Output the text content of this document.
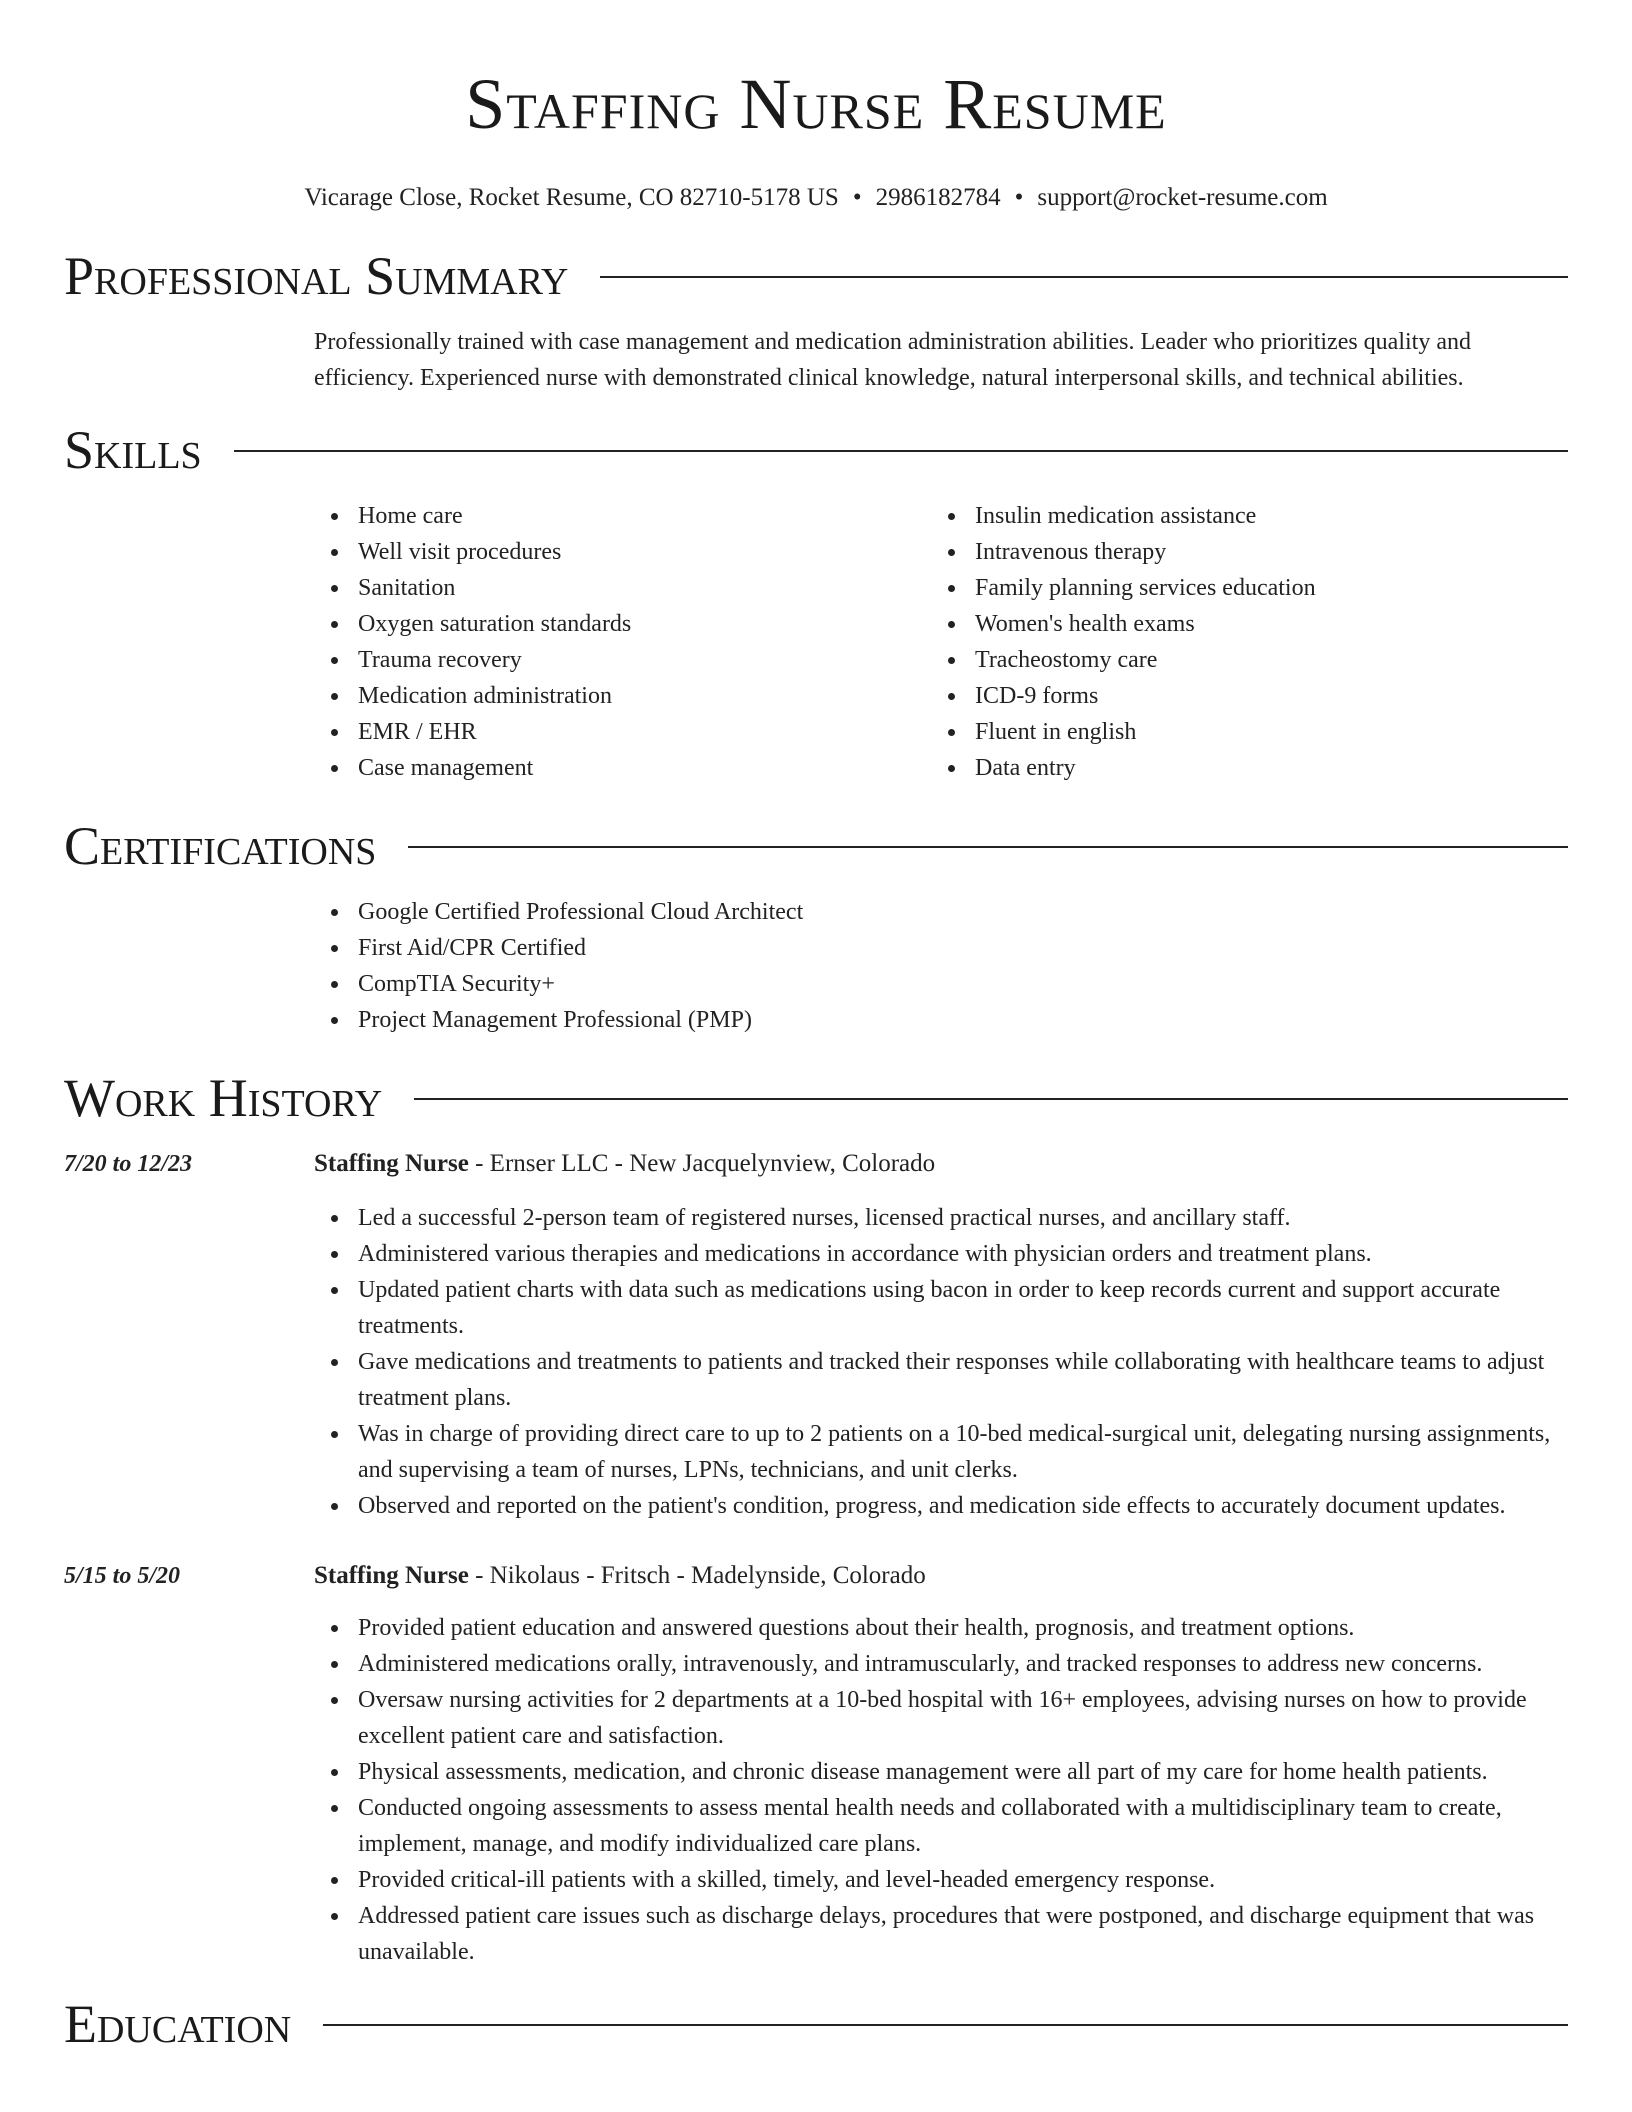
Staffing Nurse Resume
Vicarage Close, Rocket Resume, CO 82710-5178 US • 2986182784 • support@rocket-resume.com
Professional Summary

Professionally trained with case management and medication administration abilities. Leader who prioritizes quality and efficiency. Experienced nurse with demonstrated clinical knowledge, natural interpersonal skills, and technical abilities.

Skills
Home care
Well visit procedures
Sanitation
Oxygen saturation standards
Trauma recovery
Medication administration
EMR / EHR
Case management
Insulin medication assistance
Intravenous therapy
Family planning services education
Women's health exams
Tracheostomy care
ICD-9 forms
Fluent in english
Data entry
Certifications
Google Certified Professional Cloud Architect
First Aid/CPR Certified
CompTIA Security+
Project Management Professional (PMP)
Work History
7/20 to 12/23	Staffing Nurse - Ernser LLC - New Jacquelynview, Colorado
Led a successful 2-person team of registered nurses, licensed practical nurses, and ancillary staff.
Administered various therapies and medications in accordance with physician orders and treatment plans.
Updated patient charts with data such as medications using bacon in order to keep records current and support accurate treatments.
Gave medications and treatments to patients and tracked their responses while collaborating with healthcare teams to adjust treatment plans.
Was in charge of providing direct care to up to 2 patients on a 10-bed medical-surgical unit, delegating nursing assignments, and supervising a team of nurses, LPNs, technicians, and unit clerks.
Observed and reported on the patient's condition, progress, and medication side effects to accurately document updates.
5/15 to 5/20	Staffing Nurse - Nikolaus - Fritsch - Madelynside, Colorado
Provided patient education and answered questions about their health, prognosis, and treatment options.
Administered medications orally, intravenously, and intramuscularly, and tracked responses to address new concerns.
Oversaw nursing activities for 2 departments at a 10-bed hospital with 16+ employees, advising nurses on how to provide excellent patient care and satisfaction.
Physical assessments, medication, and chronic disease management were all part of my care for home health patients.
Conducted ongoing assessments to assess mental health needs and collaborated with a multidisciplinary team to create, implement, manage, and modify individualized care plans.
Provided critical-ill patients with a skilled, timely, and level-headed emergency response.
Addressed patient care issues such as discharge delays, procedures that were postponed, and discharge equipment that was unavailable.
Education
